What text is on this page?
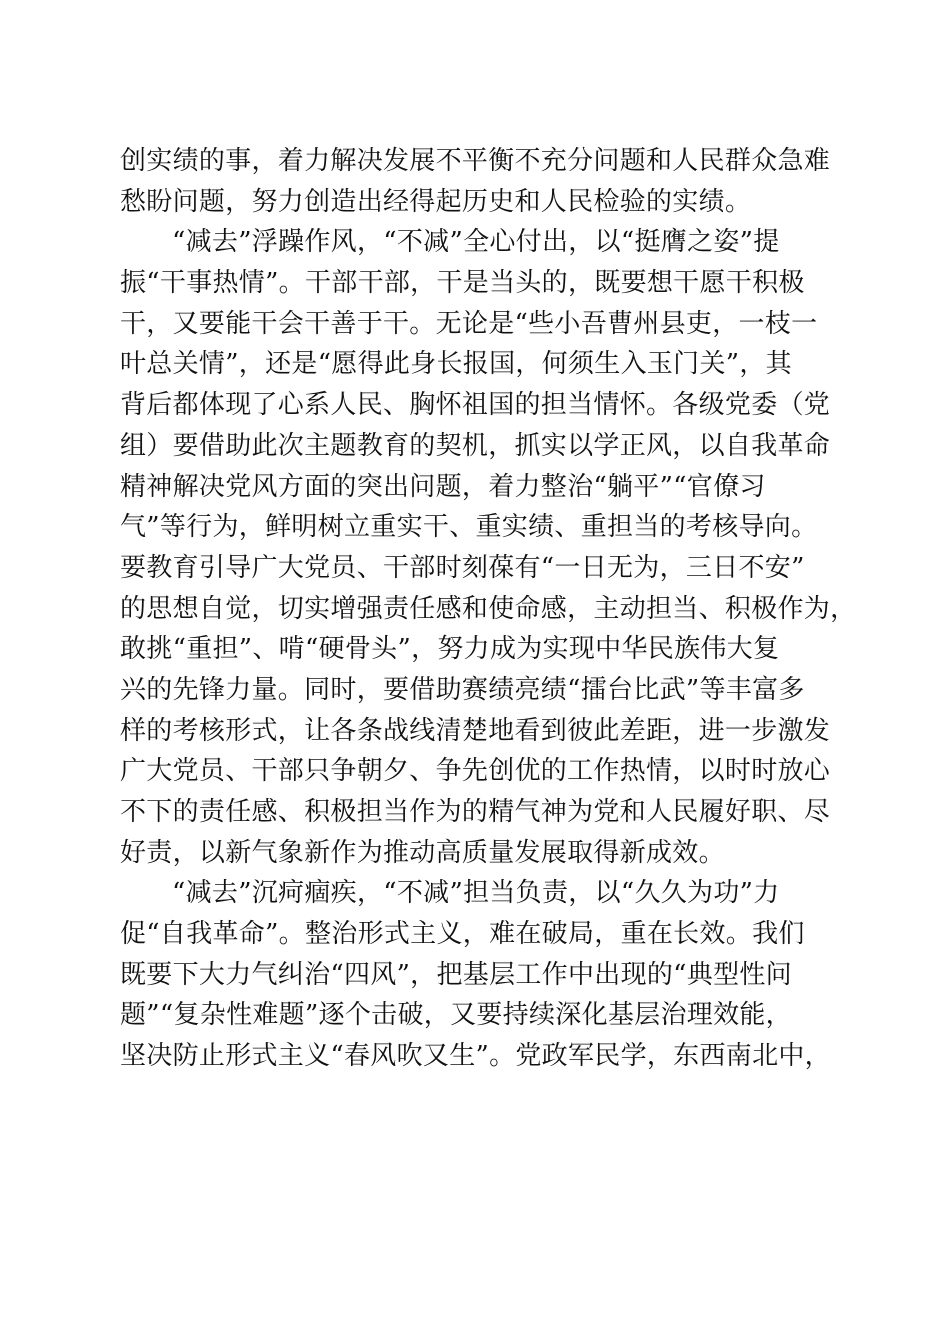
创实绩的事，着力解决发展不平衡不充分问题和人民群众急难
愁盼问题，努力创造出经得起历史和人民检验的实绩。
“减去”浮躁作风，“不减”全心付出，以“挺膺之姿”提
振“干事热情”。干部干部，干是当头的，既要想干愿干积极
干，又要能干会干善于干。无论是“些小吾曹州县吏，一枝一
叶总关情”，还是“愿得此身长报国，何须生入玉门关”，其
背后都体现了心系人民、胸怀祖国的担当情怀。各级党委（党
组）要借助此次主题教育的契机，抓实以学正风，以自我革命
精神解决党风方面的突出问题，着力整治“躺平”“官僚习
气”等行为，鲜明树立重实干、重实绩、重担当的考核导向。
要教育引导广大党员、干部时刻葆有“一日无为，三日不安”
的思想自觉，切实增强责任感和使命感，主动担当、积极作为，
敢挑“重担”、啃“硬骨头”，努力成为实现中华民族伟大复
兴的先锋力量。同时，要借助赛绩亮绩“擂台比武”等丰富多
样的考核形式，让各条战线清楚地看到彼此差距，进一步激发
广大党员、干部只争朝夕、争先创优的工作热情，以时时放心
不下的责任感、积极担当作为的精气神为党和人民履好职、尽
好责，以新气象新作为推动高质量发展取得新成效。
“减去”沉疴痼疾，“不减”担当负责，以“久久为功”力
促“自我革命”。整治形式主义，难在破局，重在长效。我们
既要下大力气纠治“四风”，把基层工作中出现的“典型性问
题”“复杂性难题”逐个击破，又要持续深化基层治理效能，
坚决防止形式主义“春风吹又生”。党政军民学，东西南北中，
